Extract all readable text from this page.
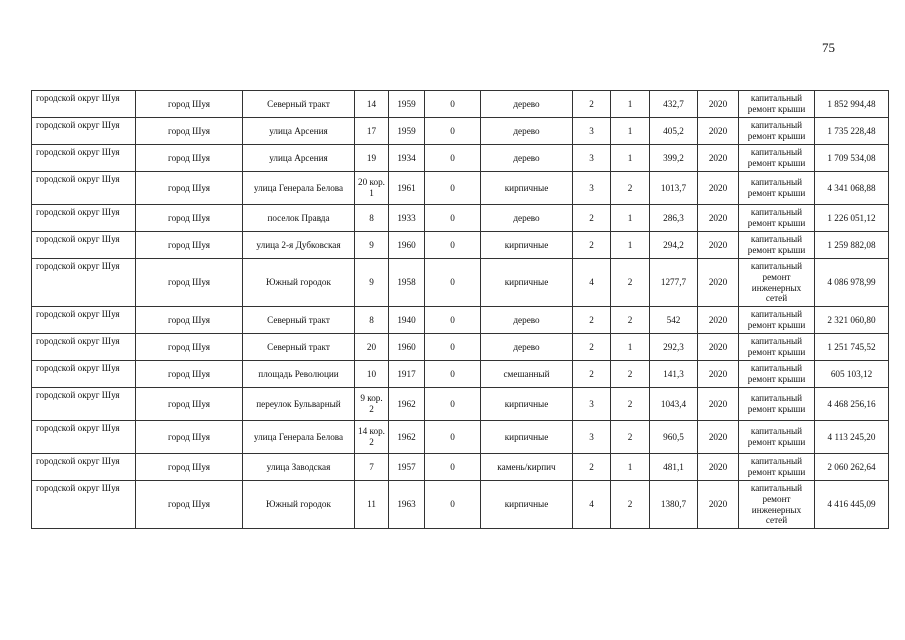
75
городской округ Шуя	город Шуя	Северный тракт	14	1959	0	дерево	2	1	432,7	2020	капитальный ремонт крыши	1 852 994,48
городской округ Шуя	город Шуя	улица Арсения	17	1959	0	дерево	3	1	405,2	2020	капитальный ремонт крыши	1 735 228,48
городской округ Шуя	город Шуя	улица Арсения	19	1934	0	дерево	3	1	399,2	2020	капитальный ремонт крыши	1 709 534,08
городской округ Шуя	город Шуя	улица Генерала Белова	20 кор. 1	1961	0	кирпичные	3	2	1013,7	2020	капитальный ремонт крыши	4 341 068,88
городской округ Шуя	город Шуя	поселок Правда	8	1933	0	дерево	2	1	286,3	2020	капитальный ремонт крыши	1 226 051,12
городской округ Шуя	город Шуя	улица 2-я Дубковская	9	1960	0	кирпичные	2	1	294,2	2020	капитальный ремонт крыши	1 259 882,08
городской округ Шуя	город Шуя	Южный городок	9	1958	0	кирпичные	4	2	1277,7	2020	капитальный ремонт инженерных сетей	4 086 978,99
городской округ Шуя	город Шуя	Северный тракт	8	1940	0	дерево	2	2	542	2020	капитальный ремонт крыши	2 321 060,80
городской округ Шуя	город Шуя	Северный тракт	20	1960	0	дерево	2	1	292,3	2020	капитальный ремонт крыши	1 251 745,52
городской округ Шуя	город Шуя	площадь Революции	10	1917	0	смешанный	2	2	141,3	2020	капитальный ремонт крыши	605 103,12
городской округ Шуя	город Шуя	переулок Бульварный	9 кор. 2	1962	0	кирпичные	3	2	1043,4	2020	капитальный ремонт крыши	4 468 256,16
городской округ Шуя	город Шуя	улица Генерала Белова	14 кор. 2	1962	0	кирпичные	3	2	960,5	2020	капитальный ремонт крыши	4 113 245,20
городской округ Шуя	город Шуя	улица Заводская	7	1957	0	камень/кирпич	2	1	481,1	2020	капитальный ремонт крыши	2 060 262,64
городской округ Шуя	город Шуя	Южный городок	11	1963	0	кирпичные	4	2	1380,7	2020	капитальный ремонт инженерных сетей	4 416 445,09
